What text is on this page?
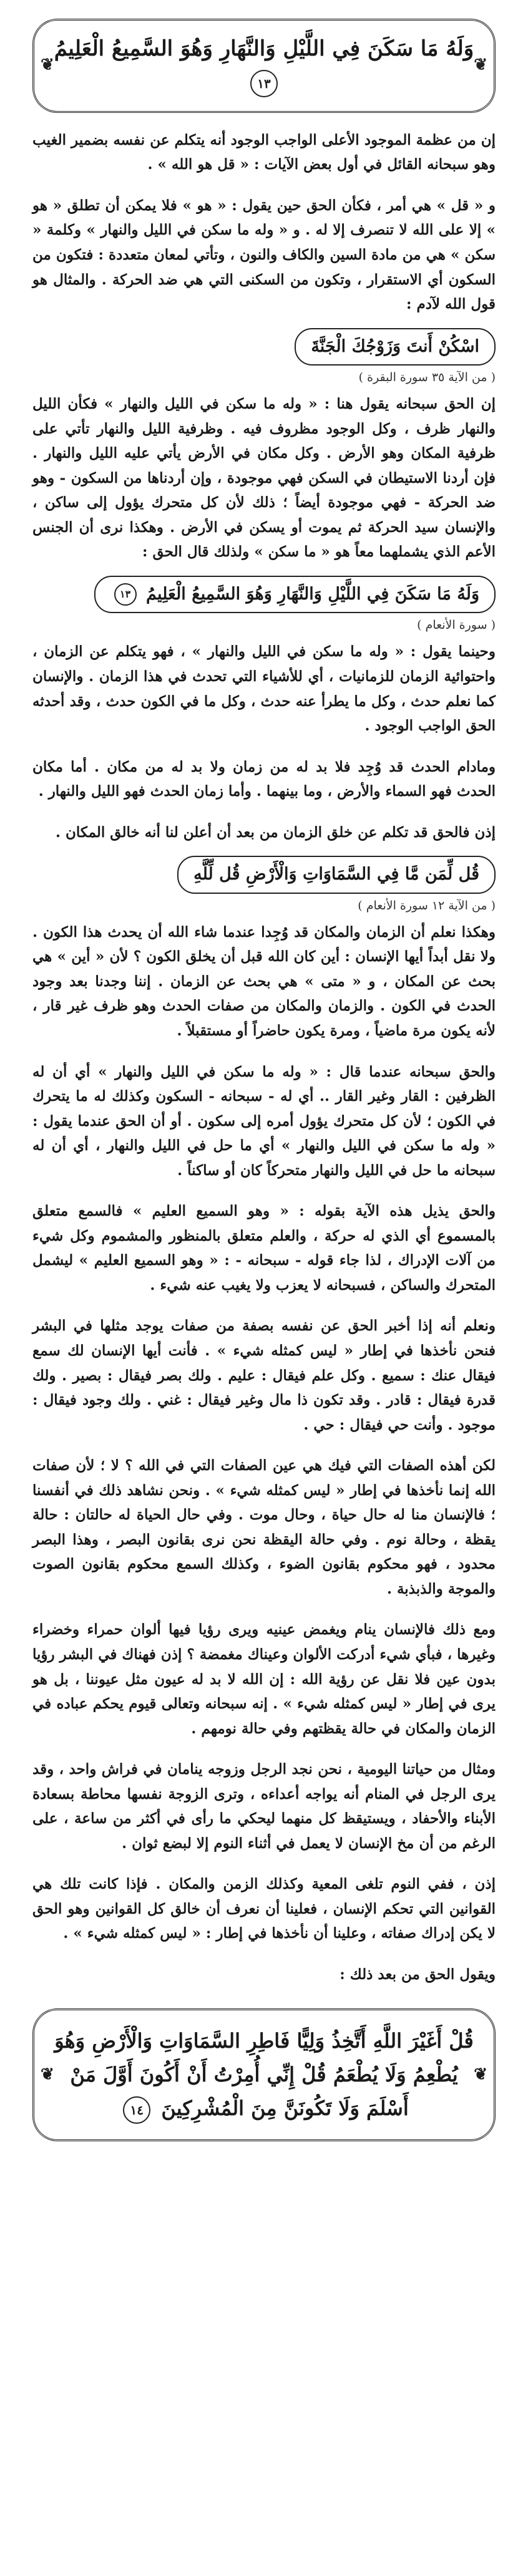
❦ وَلَهُ مَا سَكَنَ فِي اللَّيْلِ وَالنَّهَارِ وَهُوَ السَّمِيعُ الْعَلِيمُ ١٣ ❦

إن من عظمة الموجود الأعلى الواجب الوجود أنه يتكلم عن نفسه بضمير الغيب وهو سبحانه القائل في أول بعض الآيات : « قل هو الله » .

و « قل » هي أمر ، فكأن الحق حين يقول : « هو » فلا يمكن أن تطلق « هو » إلا على الله لا تنصرف إلا له . و « وله ما سكن في الليل والنهار » وكلمة « سكن » هي من مادة السين والكاف والنون ، وتأتي لمعان متعددة : فتكون من السكون أي الاستقرار ، وتكون من السكنى التي هي ضد الحركة . والمثال هو قول الله لآدم :

اسْكُنْ أَنتَ وَزَوْجُكَ الْجَنَّةَ
( من الآية ٣٥ سورة البقرة )

إن الحق سبحانه يقول هنا : « وله ما سكن في الليل والنهار » فكأن الليل والنهار ظرف ، وكل الوجود مظروف فيه . وظرفية الليل والنهار تأتي على ظرفية المكان وهو الأرض . وكل مكان في الأرض يأتي عليه الليل والنهار . فإن أردنا الاستيطان في السكن فهي موجودة ، وإن أردناها من السكون - وهو ضد الحركة - فهي موجودة أيضاً ؛ ذلك لأن كل متحرك يؤول إلى ساكن ، والإنسان سيد الحركة ثم يموت أو يسكن في الأرض . وهكذا نرى أن الجنس الأعم الذي يشملهما معاً هو « ما سكن » ولذلك قال الحق :

وَلَهُ مَا سَكَنَ فِي اللَّيْلِ وَالنَّهَارِ وَهُوَ السَّمِيعُ الْعَلِيمُ ١٣
( سورة الأنعام )

وحينما يقول : « وله ما سكن في الليل والنهار » ، فهو يتكلم عن الزمان ، واحتوائية الزمان للزمانيات ، أي للأشياء التي تحدث في هذا الزمان . والإنسان كما نعلم حدث ، وكل ما يطرأ عنه حدث ، وكل ما في الكون حدث ، وقد أحدثه الحق الواجب الوجود .

ومادام الحدث قد وُجِد فلا بد له من زمان ولا بد له من مكان . أما مكان الحدث فهو السماء والأرض ، وما بينهما . وأما زمان الحدث فهو الليل والنهار .

إذن فالحق قد تكلم عن خلق الزمان من بعد أن أعلن لنا أنه خالق المكان .

قُل لِّمَن مَّا فِي السَّمَاوَاتِ وَالْأَرْضِ قُل لِّلَّهِ
( من الآية ١٢ سورة الأنعام )

وهكذا نعلم أن الزمان والمكان قد وُجِدا عندما شاء الله أن يحدث هذا الكون . ولا نقل أبداً أيها الإنسان : أين كان الله قبل أن يخلق الكون ؟ لأن « أين » هي بحث عن المكان ، و « متى » هي بحث عن الزمان . إننا وجدنا بعد وجود الحدث في الكون . والزمان والمكان من صفات الحدث وهو ظرف غير قار ، لأنه يكون مرة ماضياً ، ومرة يكون حاضراً أو مستقبلاً .

والحق سبحانه عندما قال : « وله ما سكن في الليل والنهار » أي أن له الظرفين : القار وغير القار .. أي له - سبحانه - السكون وكذلك له ما يتحرك في الكون ؛ لأن كل متحرك يؤول أمره إلى سكون . أو أن الحق عندما يقول : « وله ما سكن في الليل والنهار » أي ما حل في الليل والنهار ، أي أن له سبحانه ما حل في الليل والنهار متحركاً كان أو ساكناً .

والحق يذيل هذه الآية بقوله : « وهو السميع العليم » فالسمع متعلق بالمسموع أي الذي له حركة ، والعلم متعلق بالمنظور والمشموم وكل شيء من آلات الإدراك ، لذا جاء قوله - سبحانه - : « وهو السميع العليم » ليشمل المتحرك والساكن ، فسبحانه لا يعزب ولا يغيب عنه شيء .

ونعلم أنه إذا أخبر الحق عن نفسه بصفة من صفات يوجد مثلها في البشر فنحن نأخذها في إطار « ليس كمثله شيء » . فأنت أيها الإنسان لك سمع فيقال عنك : سميع . وكل علم فيقال : عليم . ولك بصر فيقال : بصير . ولك قدرة فيقال : قادر . وقد تكون ذا مال وغير فيقال : غني . ولك وجود فيقال : موجود . وأنت حي فيقال : حي .

لكن أهذه الصفات التي فيك هي عين الصفات التي في الله ؟ لا ؛ لأن صفات الله إنما نأخذها في إطار « ليس كمثله شيء » . ونحن نشاهد ذلك في أنفسنا ؛ فالإنسان منا له حال حياة ، وحال موت . وفي حال الحياة له حالتان : حالة يقظة ، وحالة نوم . وفي حالة اليقظة نحن نرى بقانون البصر ، وهذا البصر محدود ، فهو محكوم بقانون الضوء ، وكذلك السمع محكوم بقانون الصوت والموجة والذبذبة .

ومع ذلك فالإنسان ينام ويغمض عينيه ويرى رؤيا فيها ألوان حمراء وخضراء وغيرها ، فبأي شيء أدركت الألوان وعيناك مغمضة ؟ إذن فهناك في البشر رؤيا بدون عين فلا نقل عن رؤية الله : إن الله لا بد له عيون مثل عيوننا ، بل هو يرى في إطار « ليس كمثله شيء » . إنه سبحانه وتعالى قيوم يحكم عباده في الزمان والمكان في حالة يقظتهم وفي حالة نومهم .

ومثال من حياتنا اليومية ، نحن نجد الرجل وزوجه ينامان في فراش واحد ، وقد يرى الرجل في المنام أنه يواجه أعداءه ، وترى الزوجة نفسها محاطة بسعادة الأبناء والأحفاد ، ويستيقظ كل منهما ليحكي ما رأى في أكثر من ساعة ، على الرغم من أن مخ الإنسان لا يعمل في أثناء النوم إلا لبضع ثوان .

إذن ، ففي النوم تلغى المعية وكذلك الزمن والمكان . فإذا كانت تلك هي القوانين التي تحكم الإنسان ، فعلينا أن نعرف أن خالق كل القوانين وهو الحق لا يكن إدراك صفاته ، وعلينا أن نأخذها في إطار : « ليس كمثله شيء » .

ويقول الحق من بعد ذلك :

❦ قُلْ أَغَيْرَ اللَّهِ أَتَّخِذُ وَلِيًّا فَاطِرِ السَّمَاوَاتِ وَالْأَرْضِ وَهُوَ يُطْعِمُ وَلَا يُطْعَمُ قُلْ إِنِّي أُمِرْتُ أَنْ أَكُونَ أَوَّلَ مَنْ أَسْلَمَ وَلَا تَكُونَنَّ مِنَ الْمُشْرِكِينَ ١٤ ❦
